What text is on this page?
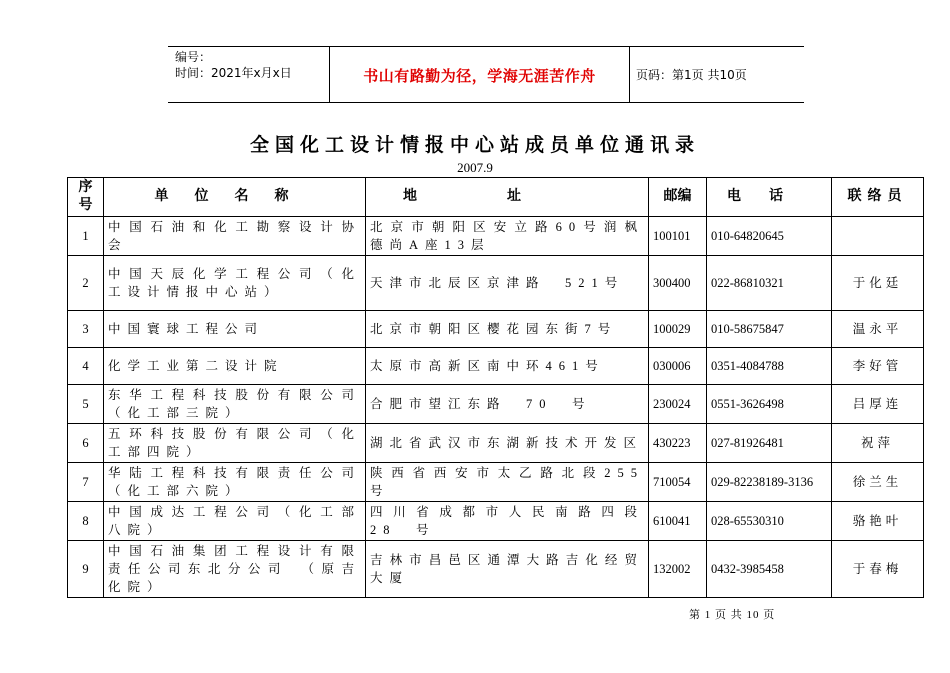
编号：
时间：2021年x月x日	书山有路勤为径，学海无涯苦作舟	页码：第1页 共10页
全国化工设计情报中心站成员单位通讯录
2007.9
序号	单位名称	地址	邮编	电话	联络员
1	中国石油和化工勘察设计协会	北京市朝阳区安立路60号润枫德尚A座13层	100101	010-64820645	
2	中国天辰化学工程公司（化工设计情报中心站）	天津市北辰区京津路　521号	300400	022-86810321	于化廷
3	中国寰球工程公司	北京市朝阳区樱花园东街7号	100029	010-58675847	温永平
4	化学工业第二设计院	太原市高新区南中环461号	030006	0351-4084788	李好管
5	东华工程科技股份有限公司（化工部三院）	合肥市望江东路　70　号	230024	0551-3626498	吕厚连
6	五环科技股份有限公司（化工部四院）	湖北省武汉市东湖新技术开发区	430223	027-81926481	祝萍
7	华陆工程科技有限责任公司（化工部六院）	陕西省西安市太乙路北段255　号	710054	029-82238189-3136	徐兰生
8	中国成达工程公司（化工部八院）	四川省成都市人民南路四段　28　号	610041	028-65530310	骆艳叶
9	中国石油集团工程设计有限责任公司东北分公司　（原吉化院）	吉林市昌邑区通潭大路吉化经贸大厦	132002	0432-3985458	于春梅
第 1 页 共 10 页
